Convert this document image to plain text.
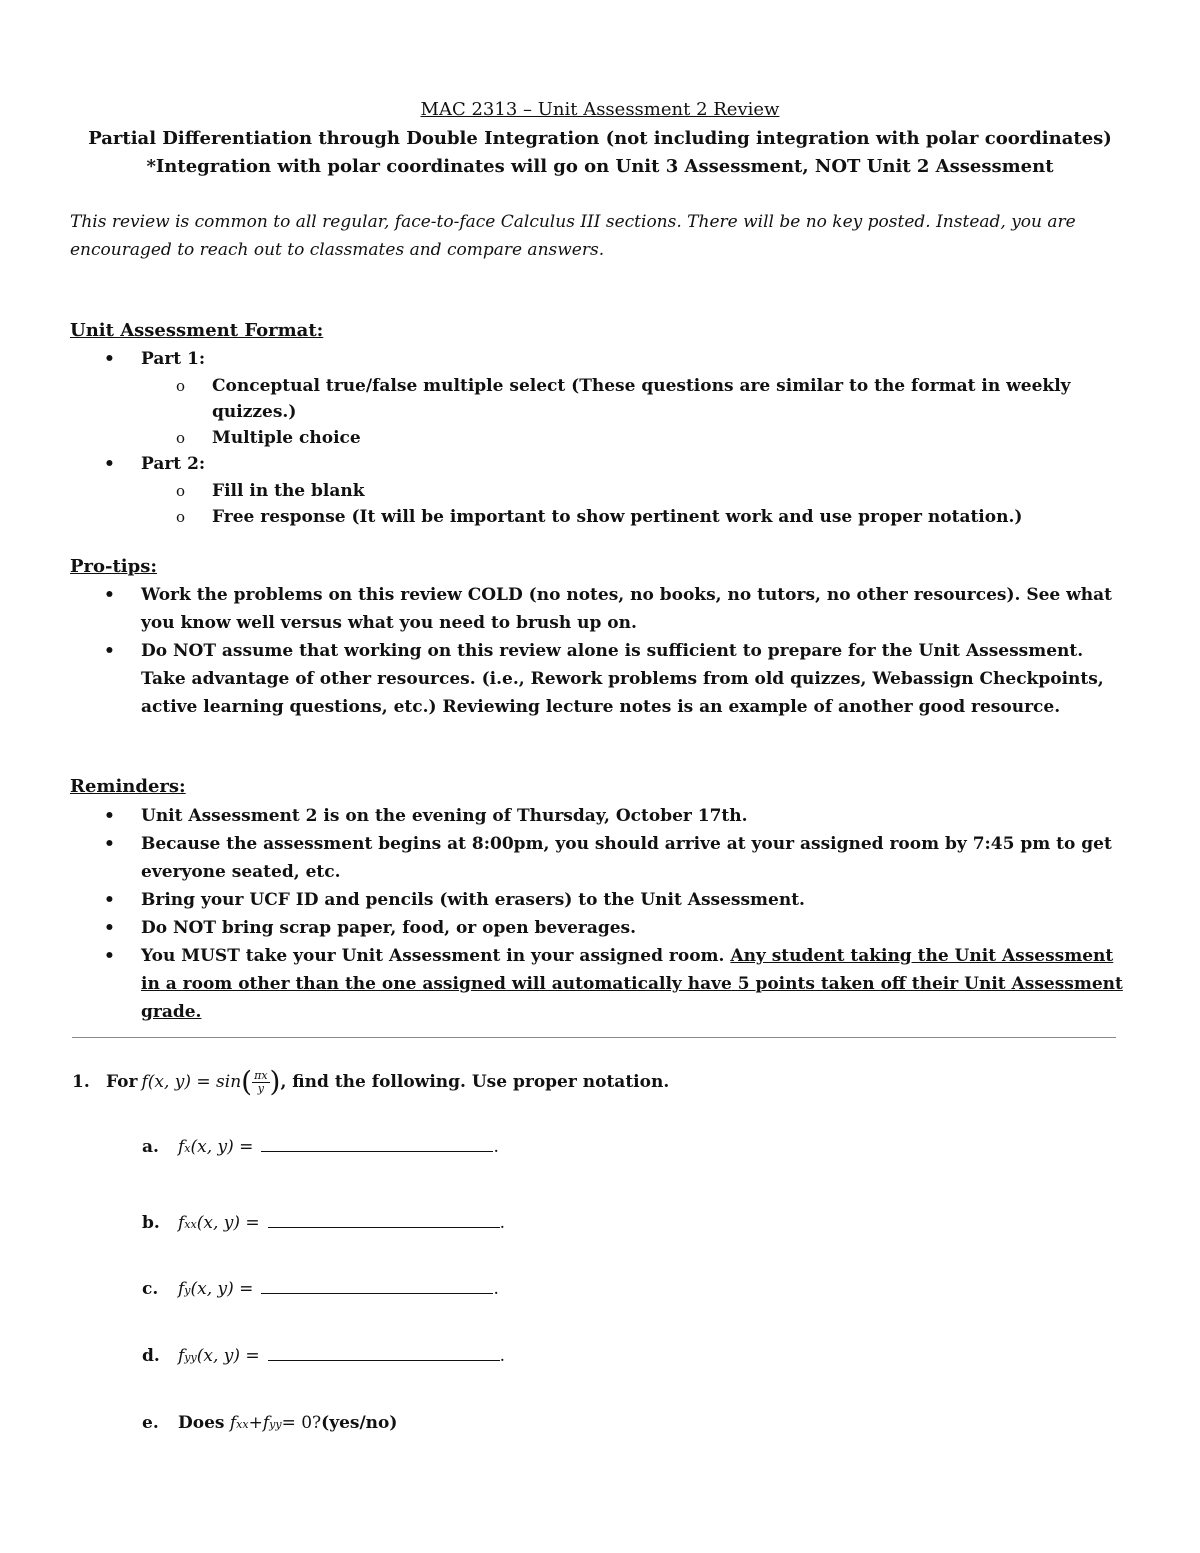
MAC 2313 – Unit Assessment 2 Review
Partial Differentiation through Double Integration (not including integration with polar coordinates)
*Integration with polar coordinates will go on Unit 3 Assessment, NOT Unit 2 Assessment
This review is common to all regular, face-to-face Calculus III sections. There will be no key posted. Instead, you are encouraged to reach out to classmates and compare answers.
Unit Assessment Format:
• Part 1:
o Conceptual true/false multiple select (These questions are similar to the format in weekly quizzes.)
o Multiple choice
• Part 2:
o Fill in the blank
o Free response (It will be important to show pertinent work and use proper notation.)
Pro-tips:
• Work the problems on this review COLD (no notes, no books, no tutors, no other resources). See what you know well versus what you need to brush up on.
• Do NOT assume that working on this review alone is sufficient to prepare for the Unit Assessment. Take advantage of other resources. (i.e., Rework problems from old quizzes, Webassign Checkpoints, active learning questions, etc.) Reviewing lecture notes is an example of another good resource.
Reminders:
• Unit Assessment 2 is on the evening of Thursday, October 17th.
• Because the assessment begins at 8:00pm, you should arrive at your assigned room by 7:45 pm to get everyone seated, etc.
• Bring your UCF ID and pencils (with erasers) to the Unit Assessment.
• Do NOT bring scrap paper, food, or open beverages.
• You MUST take your Unit Assessment in your assigned room. Any student taking the Unit Assessment in a room other than the one assigned will automatically have 5 points taken off their Unit Assessment grade.
1. For f(x, y) = sin ( $\frac{\pi x}{y}$ ) , find the following. Use proper notation.
a.	f x (x, y) =	.
b.	f xx (x, y) =	.
c.	f y (x, y) =	.
d.	f yy (x, y) =	.
e.	Does
f xx + f yy = 0? (yes/no)
